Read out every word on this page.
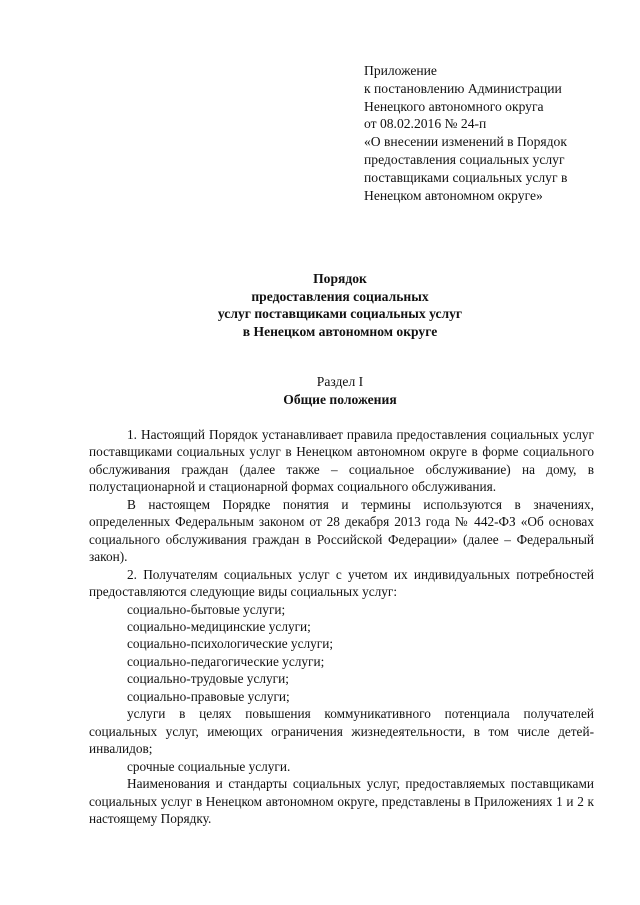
Приложение
к постановлению Администрации
Ненецкого автономного округа
от 08.02.2016 № 24-п
«О внесении изменений в Порядок
предоставления социальных услуг
поставщиками социальных услуг в
Ненецком автономном округе»
Порядок
предоставления социальных
услуг поставщиками социальных услуг
в Ненецком автономном округе
Раздел I
Общие положения

1. Настоящий Порядок устанавливает правила предоставления социальных услуг поставщиками социальных услуг в Ненецком автономном округе в форме социального обслуживания граждан (далее также – социальное обслуживание) на дому, в полустационарной и стационарной формах социального обслуживания.

В настоящем Порядке понятия и термины используются в значениях, определенных Федеральным законом от 28 декабря 2013 года № 442-ФЗ «Об основах социального обслуживания граждан в Российской Федерации» (далее – Федеральный закон).

2. Получателям социальных услуг с учетом их индивидуальных потребностей предоставляются следующие виды социальных услуг:

социально-бытовые услуги;

социально-медицинские услуги;

социально-психологические услуги;

социально-педагогические услуги;

социально-трудовые услуги;

социально-правовые услуги;

услуги в целях повышения коммуникативного потенциала получателей социальных услуг, имеющих ограничения жизнедеятельности, в том числе детей-инвалидов;

срочные социальные услуги.

Наименования и стандарты социальных услуг, предоставляемых поставщиками социальных услуг в Ненецком автономном округе, представлены в Приложениях 1 и 2 к настоящему Порядку.
